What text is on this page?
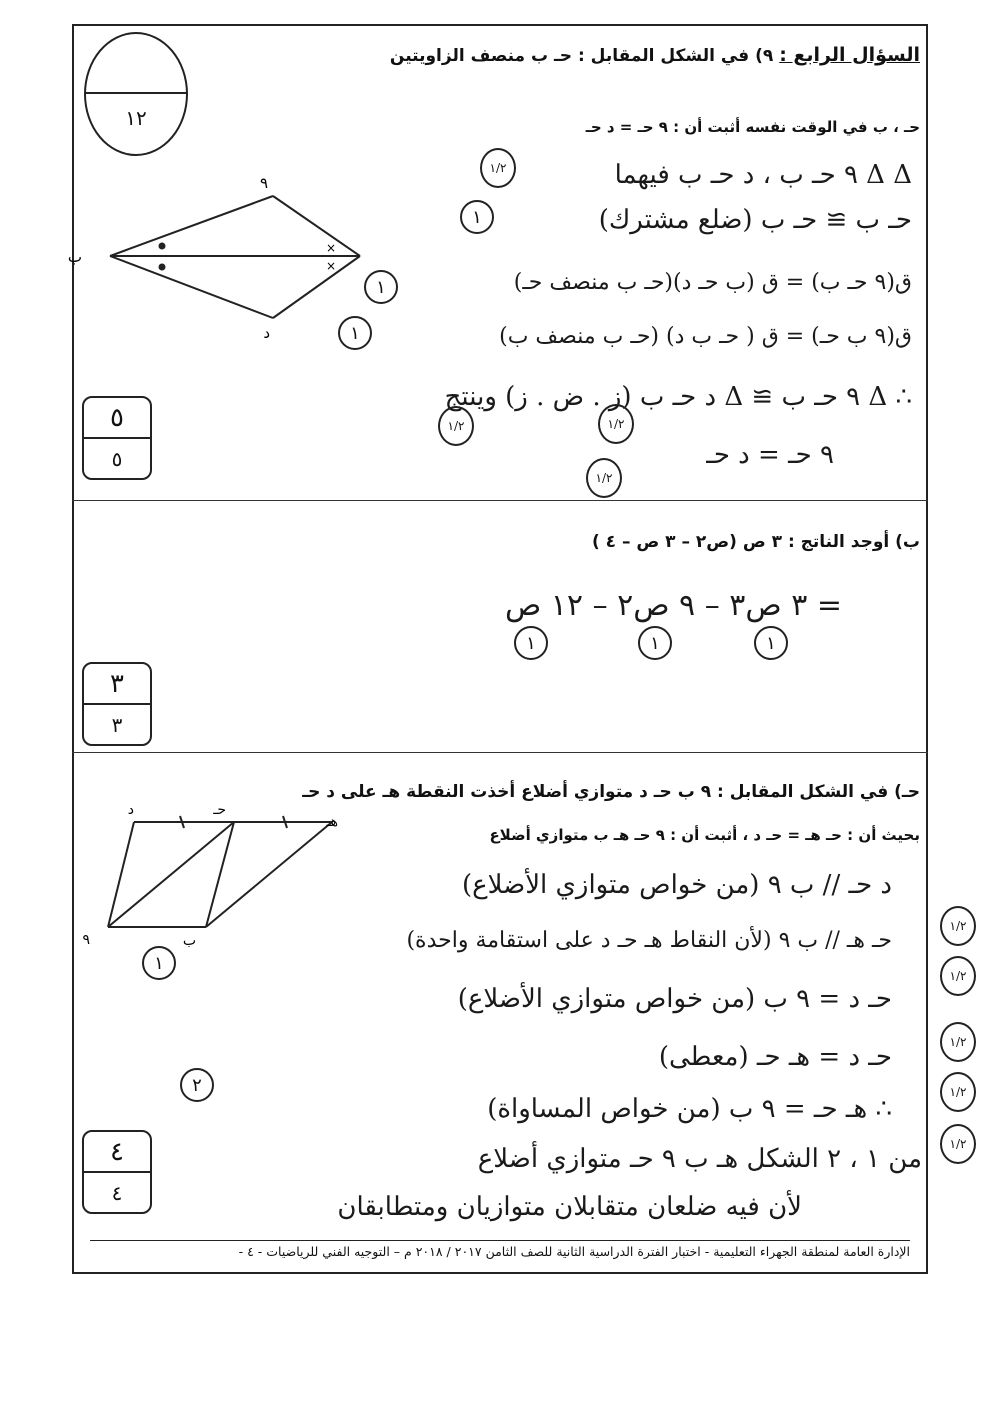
١٢
السؤال الرابع : ٩) في الشكل المقابل : حـ ب منصف الزاويتين
حـ ، ب في الوقت نفسه أثبت أن : ٩ حـ = د حـ
×
×
٩
ب
د
Δ Δ ٩ حـ ب ، د حـ ب فيهما
حـ ب ≅ حـ ب (ضلع مشترك)
ق(٩ حـ ب) = ق (ب حـ د)(حـ ب منصف حـ)
ق(٩ ب حـ) = ق ( حـ ب د) (حـ ب منصف ب)
∴ Δ ٩ حـ ب ≅ Δ د حـ ب (ز . ض . ز) وينتج
٩ حـ = د حـ
١/٢
١
١
١
١/٢	١/٢
١/٢
٥
٥
ب) أوجد الناتج : ٣ ص (ص٢ – ٣ ص – ٤ )
= ٣ ص٣ – ٩ ص٢ – ١٢ ص
١	١	١
٣
٣
حـ) في الشكل المقابل : ٩ ب حـ د متوازي أضلاع أخذت النقطة هـ على د حـ
بحيث أن : حـ هـ = حـ د ، أثبت أن : ٩ حـ هـ ب متوازي أضلاع
د	حـ
هـ
٩	ب
د حـ // ب ٩ (من خواص متوازي الأضلاع)
حـ هـ // ب ٩ (لأن النقاط هـ حـ د على استقامة واحدة)
حـ د = ٩ ب (من خواص متوازي الأضلاع)
حـ د = هـ حـ (معطى)
∴ هـ حـ = ٩ ب (من خواص المساواة)
من ١ ، ٢ الشكل هـ ب ٩ حـ متوازي أضلاع
لأن فيه ضلعان متقابلان متوازيان ومتطابقان
١
٢
١/٢
١/٢
١/٢
١/٢
١/٢
٤
٤
الإدارة العامة لمنطقة الجهراء التعليمية - اختبار الفترة الدراسية الثانية للصف الثامن ٢٠١٧ / ٢٠١٨ م – التوجيه الفني للرياضيات - ٤ -
